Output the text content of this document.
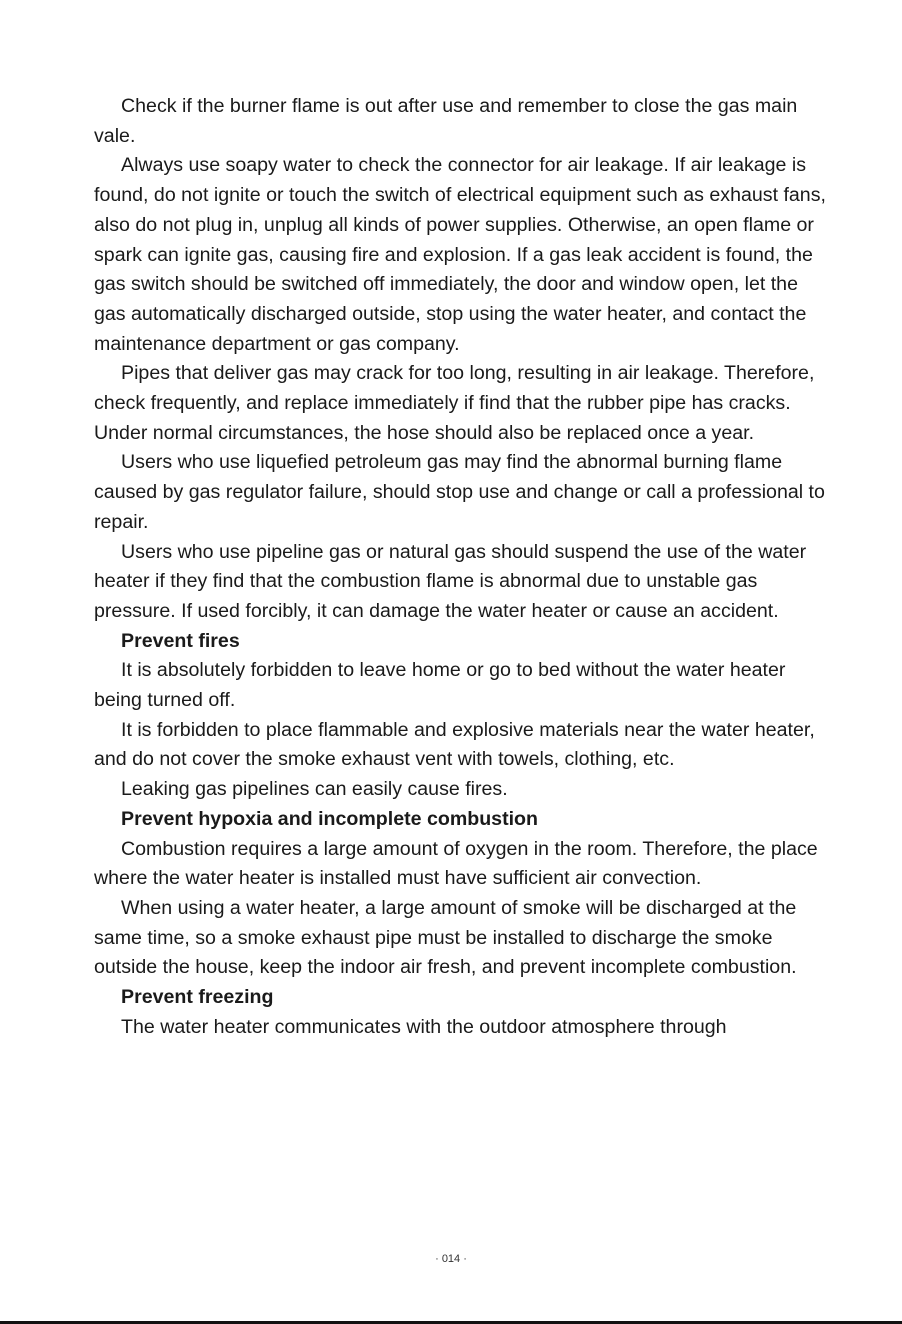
Check if the burner flame is out after use and remember to close the gas main vale.

Always use soapy water to check the connector for air leakage. If air leakage is found, do not ignite or touch the switch of electrical equipment such as exhaust fans, also do not plug in, unplug all kinds of power supplies. Otherwise, an open flame or spark can ignite gas, causing fire and explosion. If a gas leak accident is found, the gas switch should be switched off immediately, the door and window open, let the gas automatically discharged outside, stop using the water heater, and contact the maintenance department or gas company.

Pipes that deliver gas may crack for too long, resulting in air leakage. Therefore, check frequently, and replace immediately if find that the rubber pipe has cracks. Under normal circumstances, the hose should also be replaced once a year.

Users who use liquefied petroleum gas may find the abnormal burning flame caused by gas regulator failure, should stop use and change or call a professional to repair.

Users who use pipeline gas or natural gas should suspend the use of the water heater if they find that the combustion flame is abnormal due to unstable gas pressure. If used forcibly, it can damage the water heater or cause an accident.

Prevent fires

It is absolutely forbidden to leave home or go to bed without the water heater being turned off.

It is forbidden to place flammable and explosive materials near the water heater, and do not cover the smoke exhaust vent with towels, clothing, etc.

Leaking gas pipelines can easily cause fires.

Prevent hypoxia and incomplete combustion

Combustion requires a large amount of oxygen in the room. Therefore, the place where the water heater is installed must have sufficient air convection.

When using a water heater, a large amount of smoke will be discharged at the same time, so a smoke exhaust pipe must be installed to discharge the smoke outside the house, keep the indoor air fresh, and prevent incomplete combustion.

Prevent freezing

The water heater communicates with the outdoor atmosphere through

· 014 ·
